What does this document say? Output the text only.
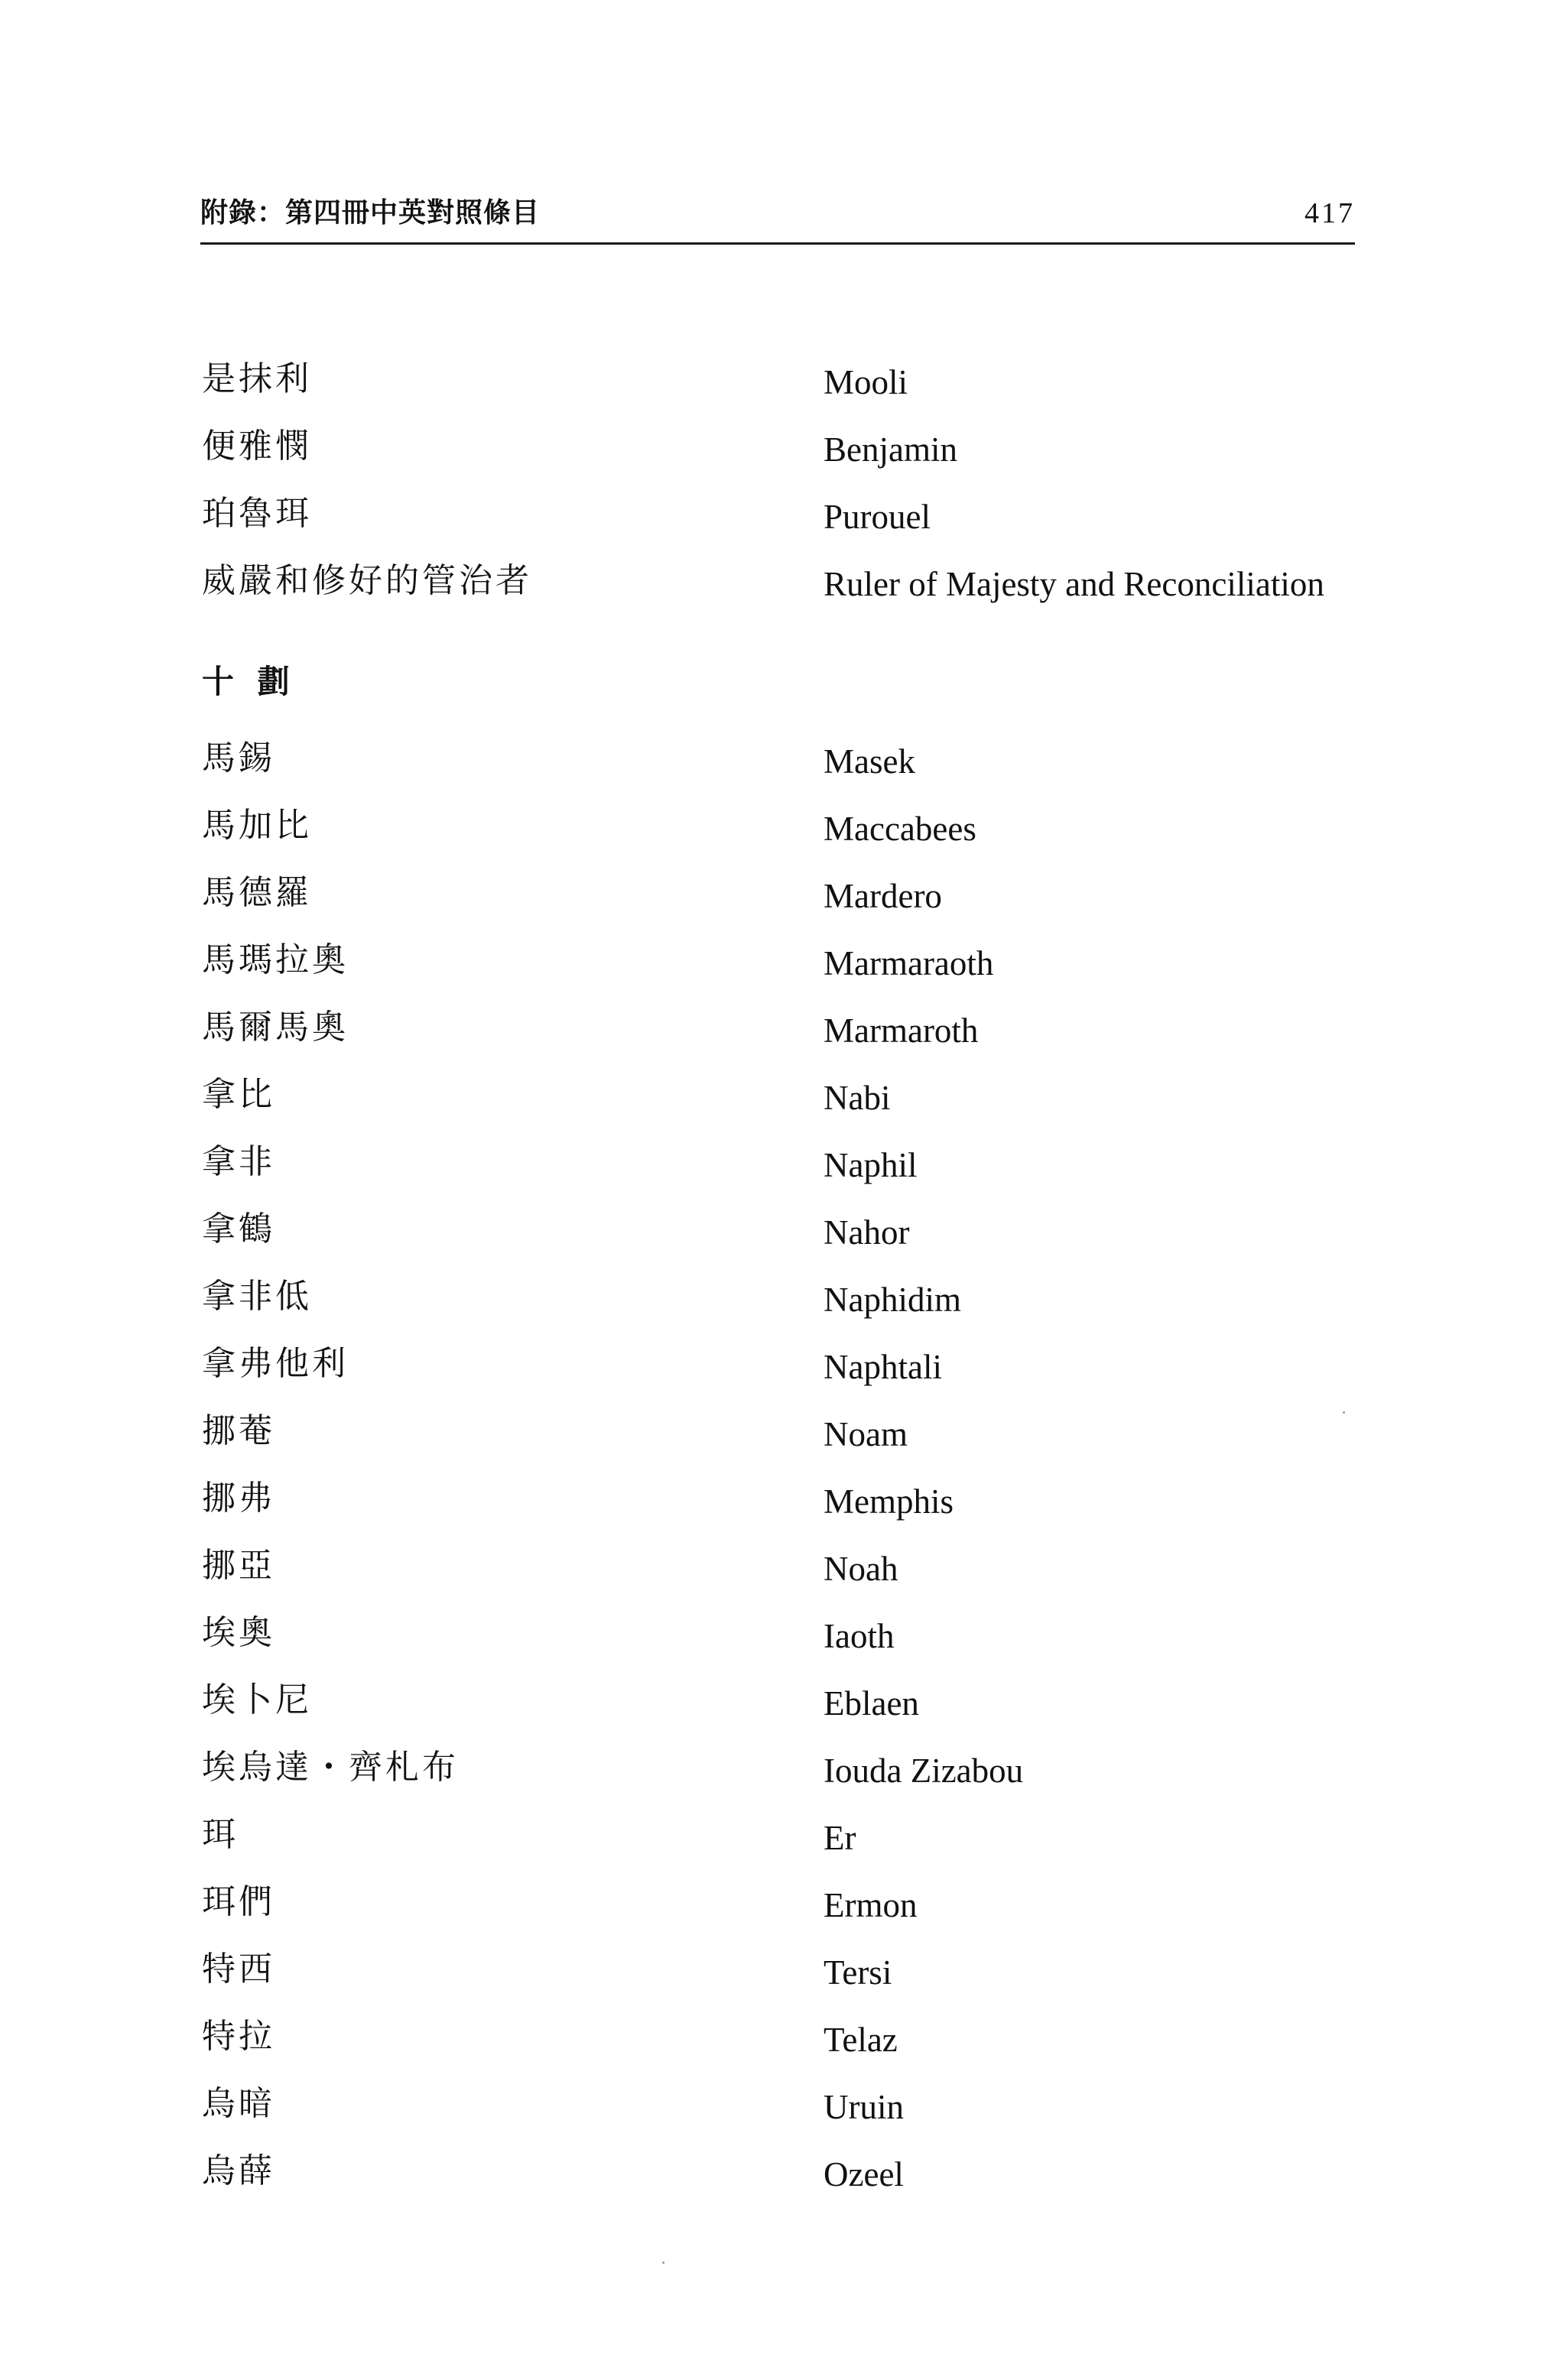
附錄：第四冊中英對照條目	417
是抹利	Mooli
便雅憫	Benjamin
珀魯珥	Purouel
威嚴和修好的管治者	Ruler of Majesty and Reconciliation
十 劃
馬錫	Masek
馬加比	Maccabees
馬德羅	Mardero
馬瑪拉奧	Marmaraoth
馬爾馬奧	Marmaroth
拿比	Nabi
拿非	Naphil
拿鶴	Nahor
拿非低	Naphidim
拿弗他利	Naphtali
挪菴	Noam
挪弗	Memphis
挪亞	Noah
埃奧	Iaoth
埃卜尼	Eblaen
埃烏達・齊札布	Iouda Zizabou
珥	Er
珥們	Ermon
特西	Tersi
特拉	Telaz
烏暗	Uruin
烏薛	Ozeel
